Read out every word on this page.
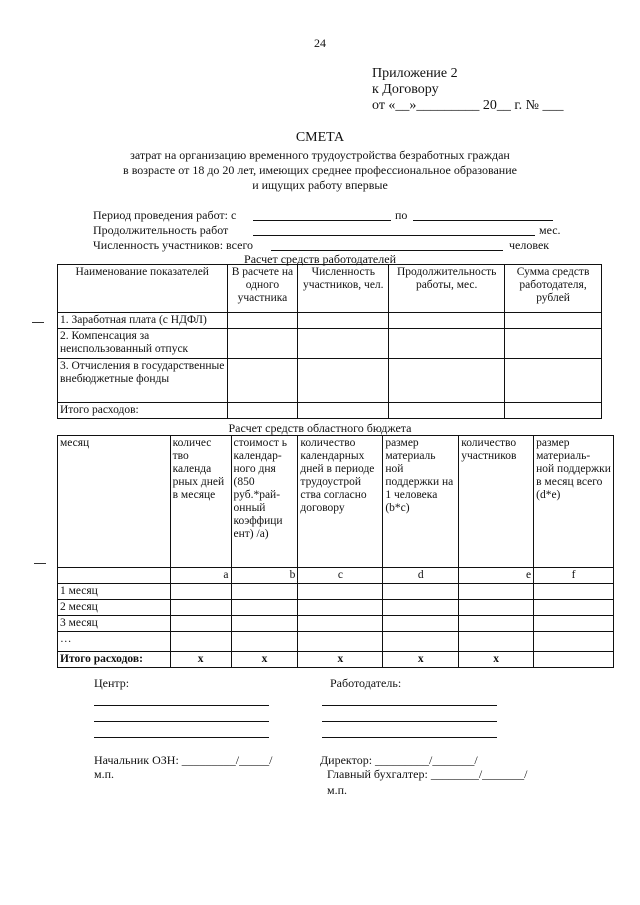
24
Приложение 2
к Договору
от «__»_________ 20__ г. № ___
СМЕТА
затрат на организацию временного трудоустройства безработных граждан
в возрасте от 18 до 20 лет, имеющих среднее профессиональное образование
и ищущих работу впервые
Период проведения работ: с	по
Продолжительность работ	мес.
Численность участников: всего	человек
Расчет средств работодателей
Наименование показателей	В расчете на одного участника	Численность участников, чел.	Продолжительность работы, мес.	Сумма средств работодателя, рублей
1. Заработная плата (с НДФЛ)				
2. Компенсация за неиспользованный отпуск				
3. Отчисления в государственные внебюджетные фонды				
Итого расходов:				
Расчет средств областного бюджета
месяц	количес тво календа рных дней в месяце	стоимост ь календар- ного дня (850 руб.*рай- онный коэффици ент) /а)	количество календарных дней в периоде трудоустрой ства согласно договору	размер материаль ной поддержки на 1 человека (b*c)	количество участников	размер материаль- ной поддержки в месяц всего (d*e)
	a	b	c	d	e	f
1 месяц						
2 месяц						
3 месяц						
…						
Итого расходов:	x	x	x	x	x	
Центр:	Работодатель:
Начальник ОЗН: _________/_____/
м.п.
Директор: _________/_______/
Главный бухгалтер: ________/_______/
м.п.
